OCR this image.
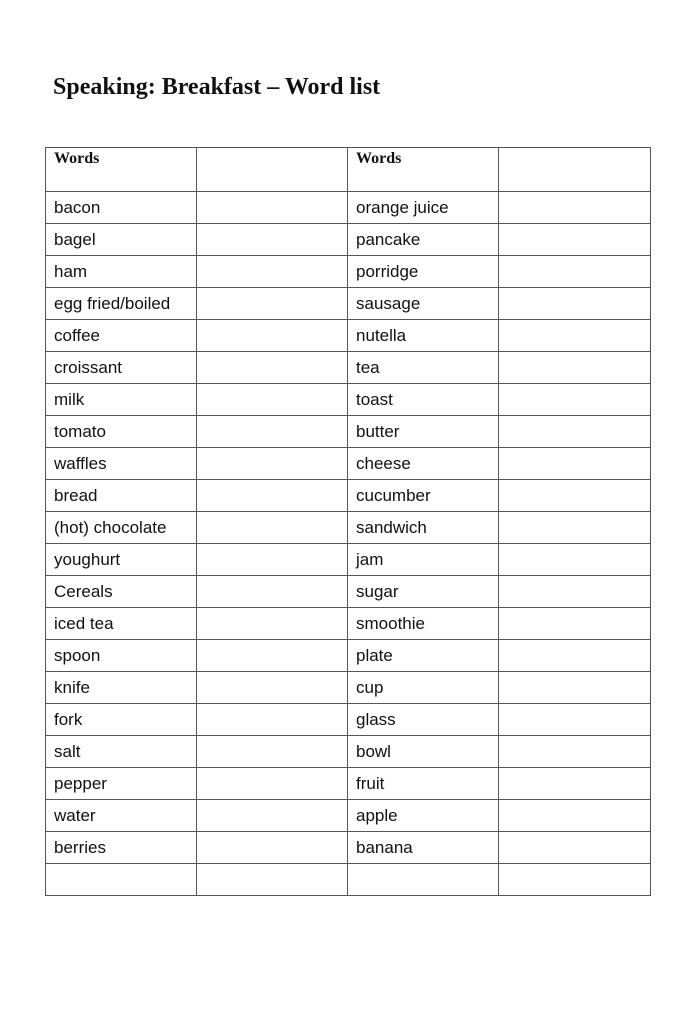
Speaking: Breakfast – Word list
Words		Words	
bacon		orange juice	
bagel		pancake	
ham		porridge	
egg fried/boiled		sausage	
coffee		nutella	
croissant		tea	
milk		toast	
tomato		butter	
waffles		cheese	
bread		cucumber	
(hot) chocolate		sandwich	
youghurt		jam	
Cereals		sugar	
iced tea		smoothie	
spoon		plate	
knife		cup	
fork		glass	
salt		bowl	
pepper		fruit	
water		apple	
berries		banana	
